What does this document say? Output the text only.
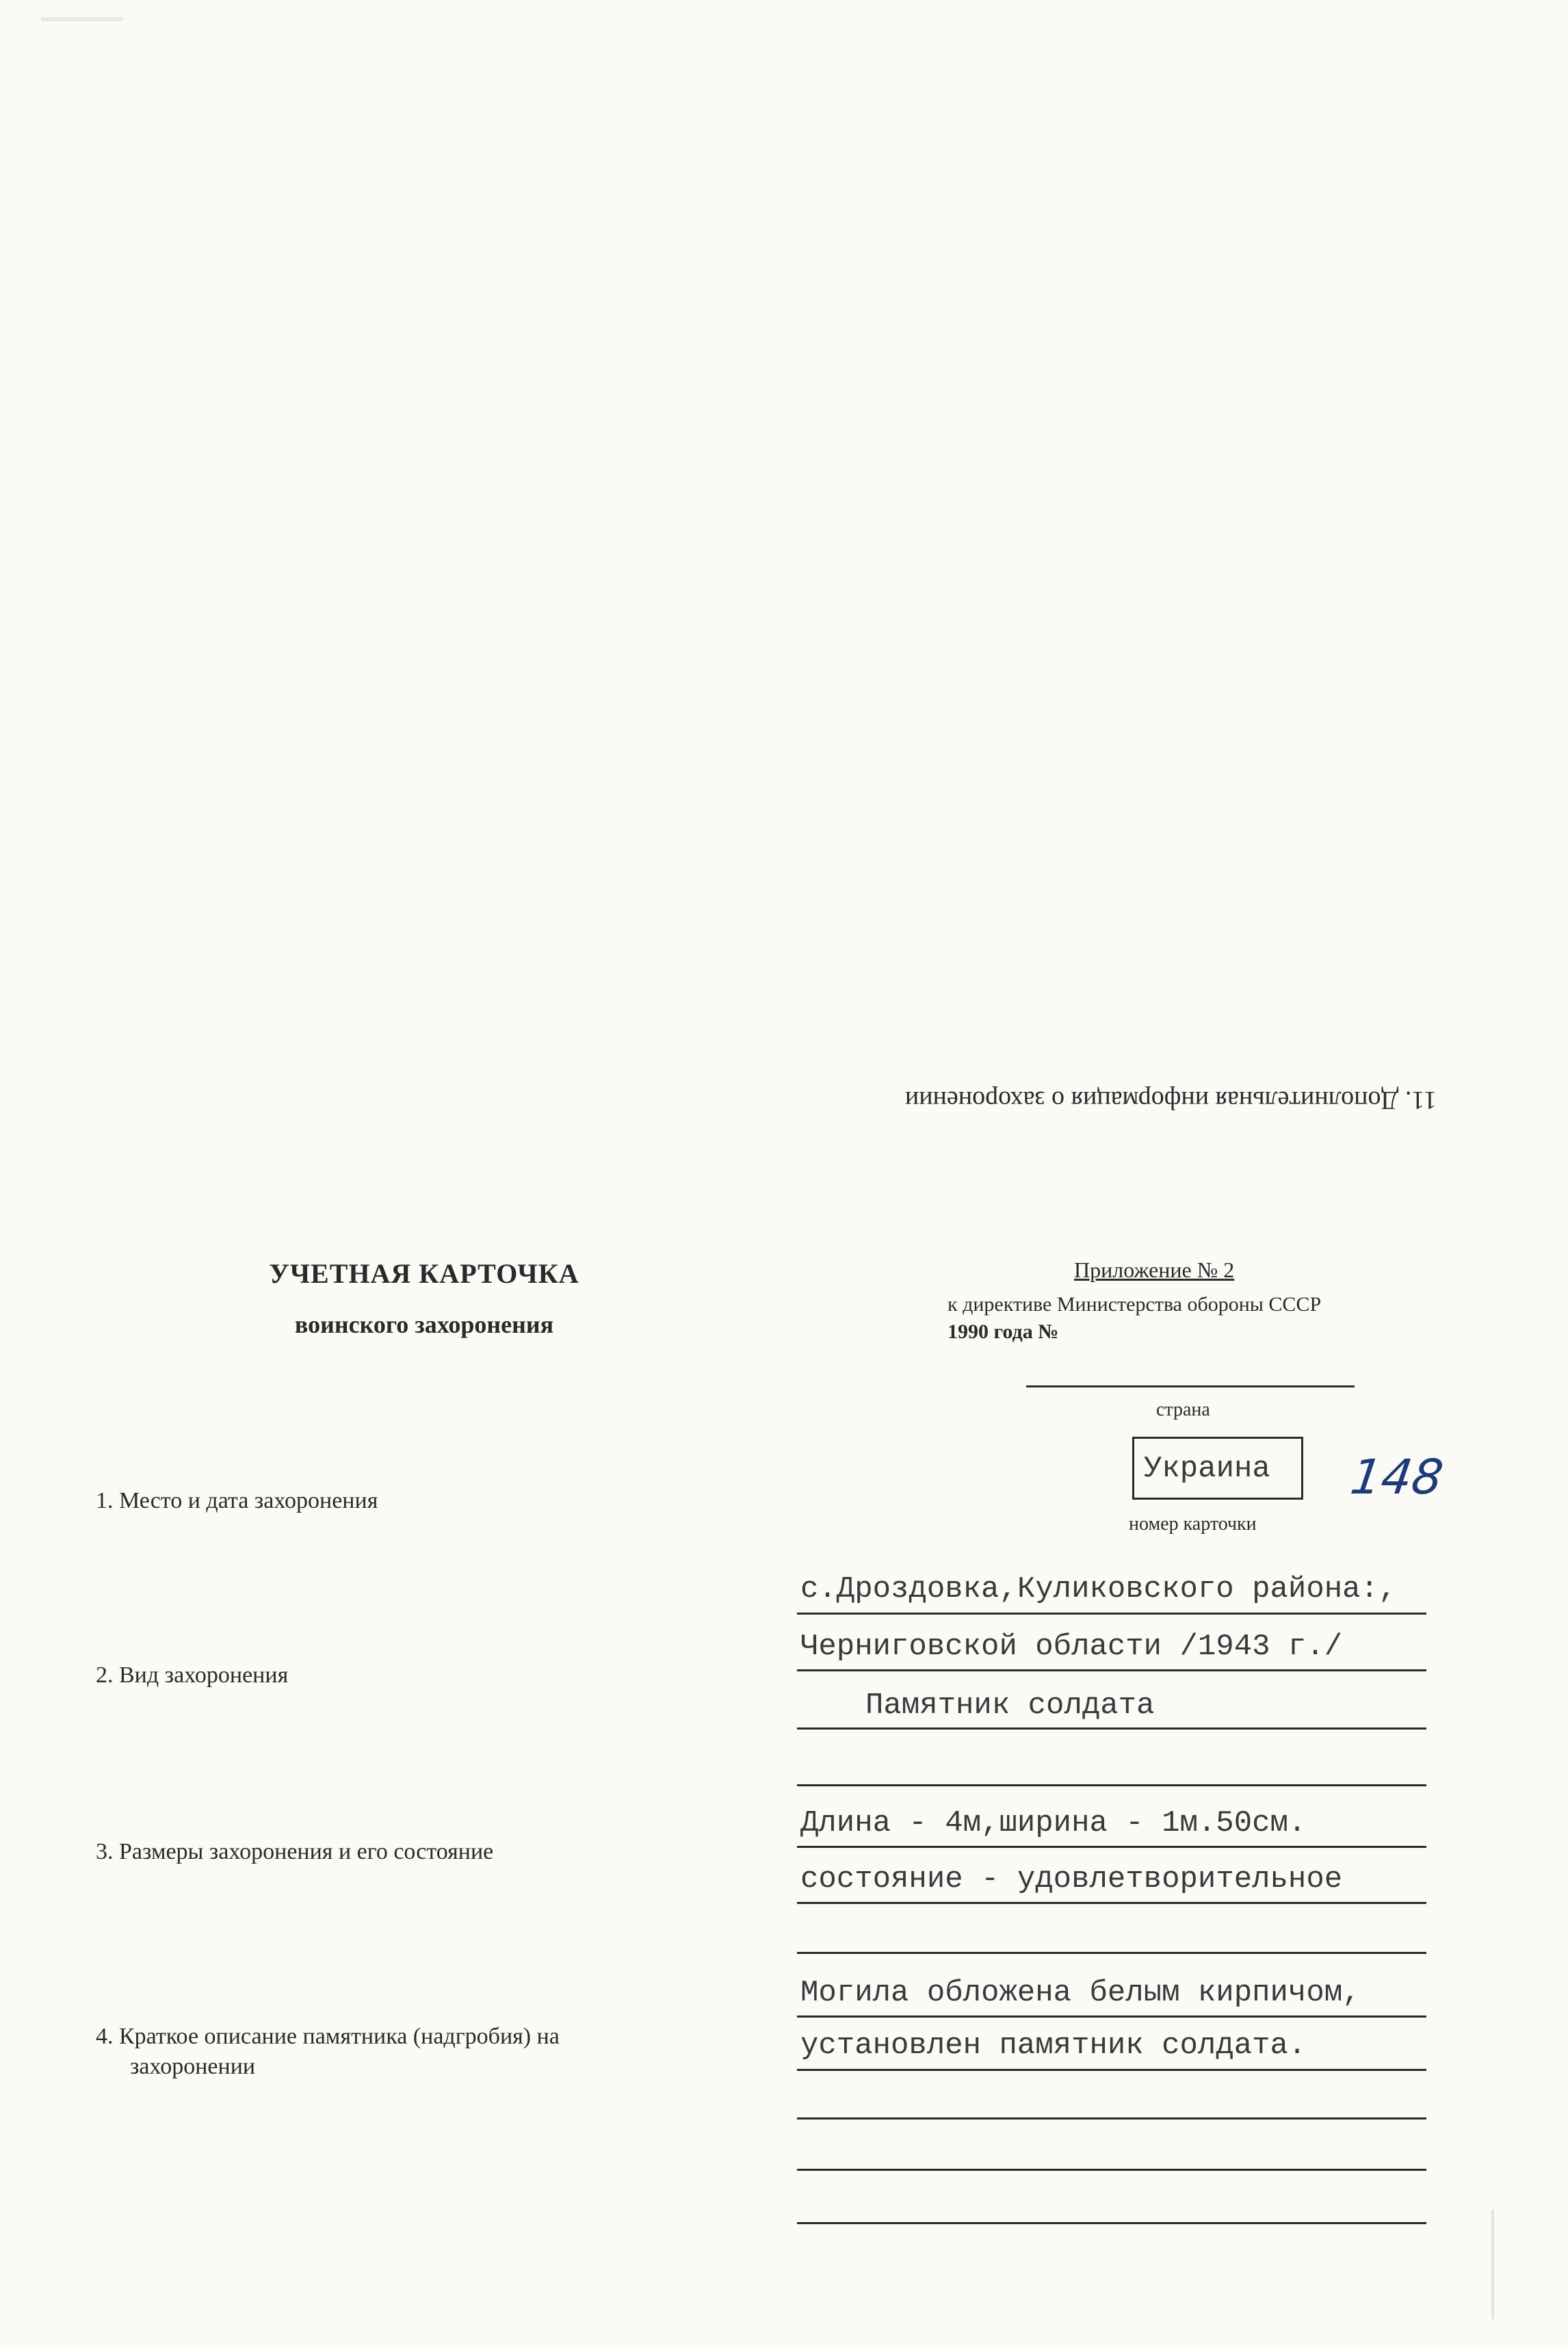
11. Дополнительная информация о захоронении
УЧЕТНАЯ КАРТОЧКА
воинского захоронения
Приложение № 2
к директиве Министерства обороны СССР
1990 года №
страна
Украина
номер карточки
148
1. Место и дата захоронения
с.Дроздовка,Куликовского района:,
Черниговской области /1943 г./
2. Вид захоронения
Памятник солдата
3. Размеры захоронения и его состояние
Длина - 4м,ширина - 1м.50см.
состояние - удовлетворительное
4. Краткое описание памятника (надгробия) на
захоронении
Могила обложена белым кирпичом,
установлен памятник солдата.
